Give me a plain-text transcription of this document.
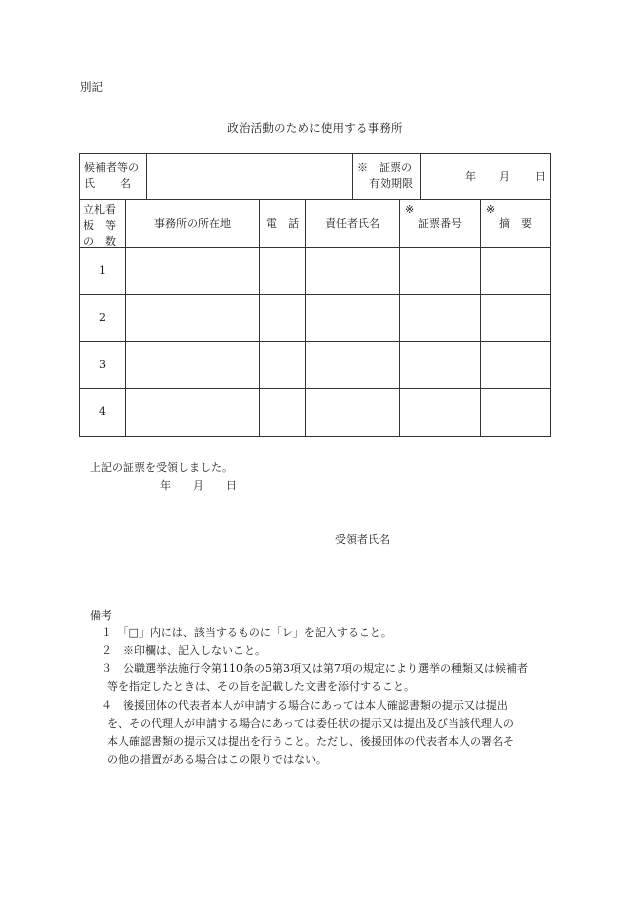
別記
政治活動のために使用する事務所
候補者等の
氏　　名
※　証票の
有効期限
年 月 日
立札看
板　等
の　数
事務所の所在地	電　話	責任者氏名
※
証票番号
※
摘　要
1
2
3
4
上記の証票を受領しました。
年　　月　　日
受領者氏名
備考
１　「□」内には、該当するものに「レ」を記入すること。
２　※印欄は、記入しないこと。
３　公職選挙法施行令第110条の5第3項又は第7項の規定により選挙の種類又は候補者
等を指定したときは、その旨を記載した文書を添付すること。
４　後援団体の代表者本人が申請する場合にあっては本人確認書類の提示又は提出
を、その代理人が申請する場合にあっては委任状の提示又は提出及び当該代理人の
本人確認書類の提示又は提出を行うこと。ただし、後援団体の代表者本人の署名そ
の他の措置がある場合はこの限りではない。
